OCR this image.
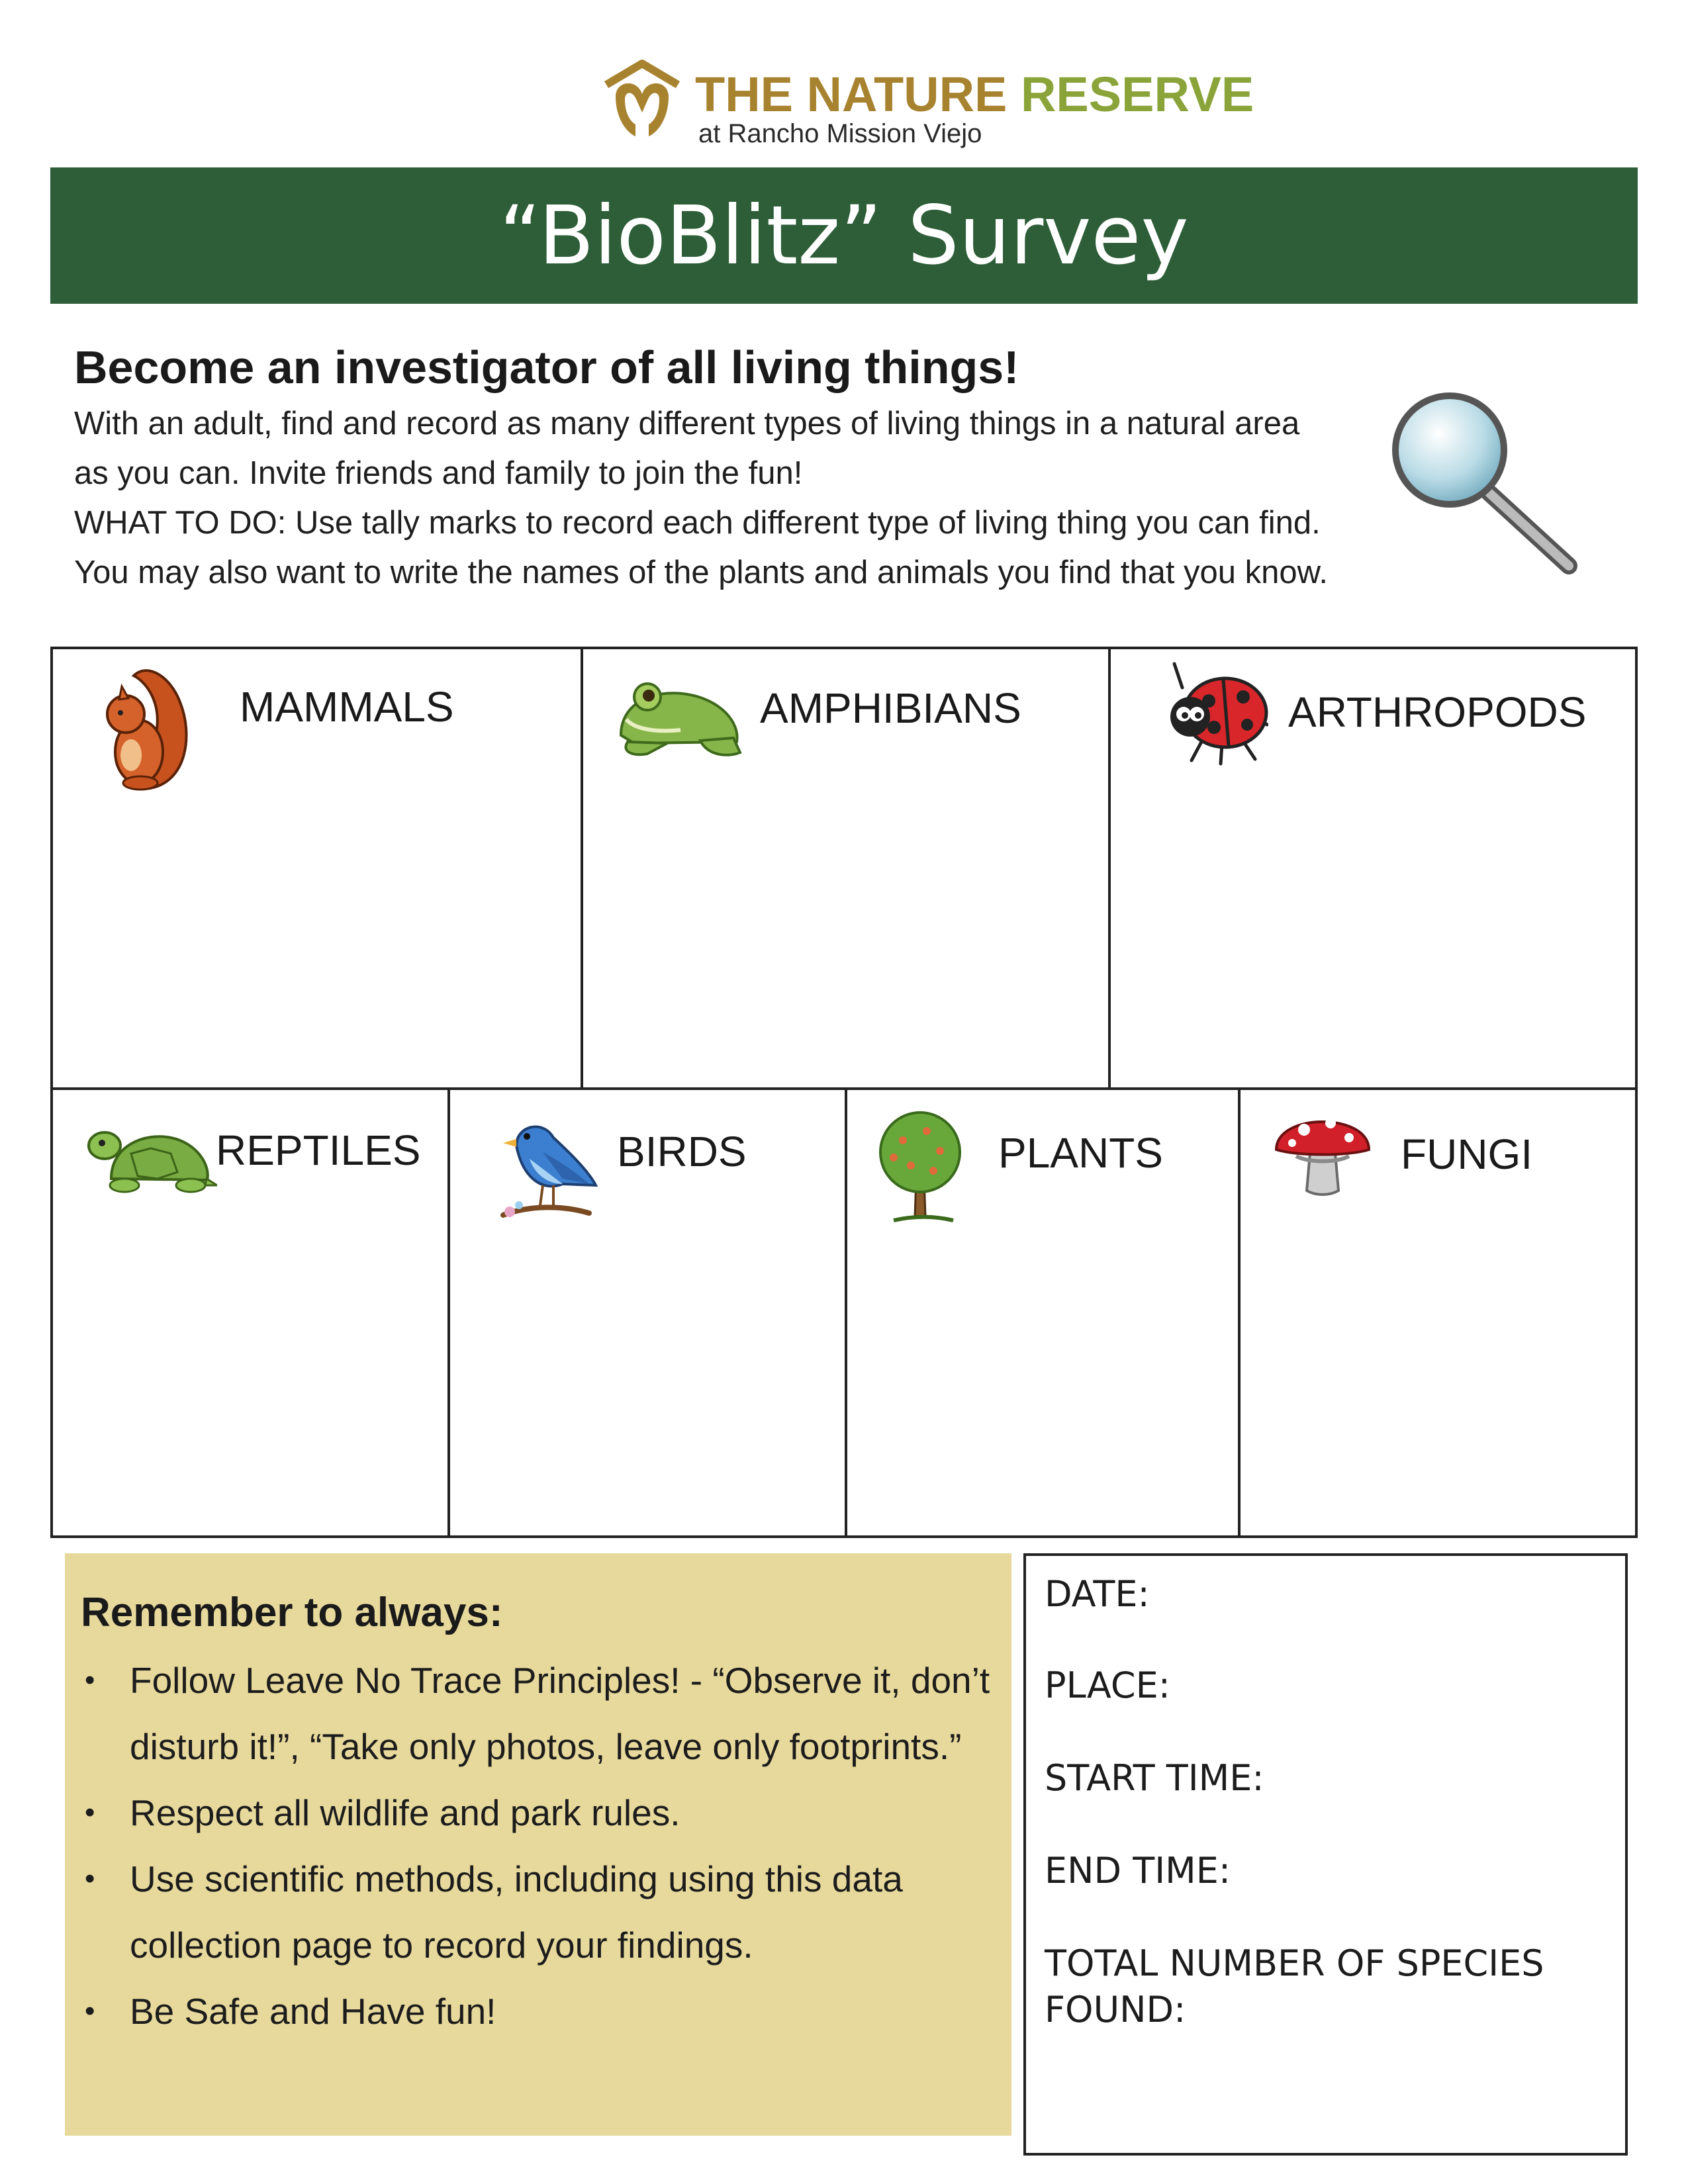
THE NATURE RESERVE
at Rancho Mission Viejo
“BioBlitz” Survey
Become an investigator of all living things!
With an adult, find and record as many different types of living things in a natural area
as you can. Invite friends and family to join the fun!
WHAT TO DO: Use tally marks to record each different type of living thing you can find.
You may also want to write the names of the plants and animals you find that you know.
MAMMALS	AMPHIBIANS	ARTHROPODS
REPTILES	BIRDS	PLANTS	FUNGI
Remember to always:
• Follow Leave No Trace Principles! - “Observe it, don’t disturb it!”, “Take only photos, leave only footprints.”
• Respect all wildlife and park rules.
• Use scientific methods, including using this data collection page to record your findings.
• Be Safe and Have fun!
DATE:
PLACE:
START TIME:
END TIME:
TOTAL NUMBER OF SPECIES
FOUND:
